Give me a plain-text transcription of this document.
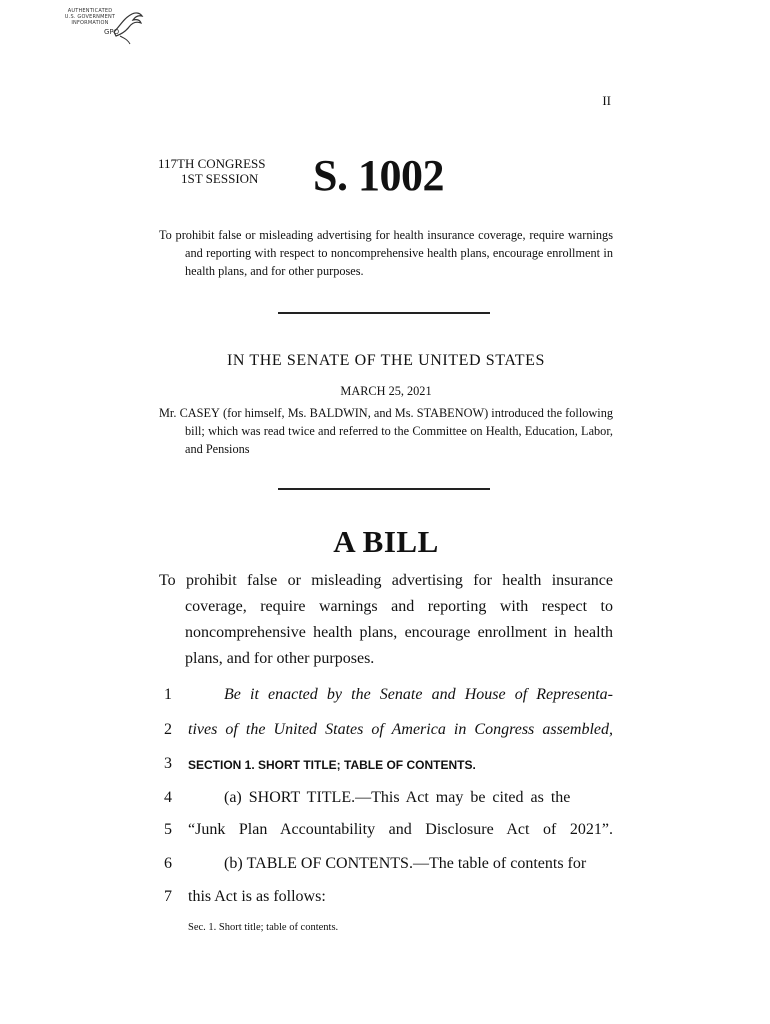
AUTHENTICATED
U.S. GOVERNMENT
INFORMATION
GPO
II
117TH CONGRESS
1ST SESSION S. 1002
To prohibit false or misleading advertising for health insurance coverage, require warnings and reporting with respect to noncomprehensive health plans, encourage enrollment in health plans, and for other purposes.
IN THE SENATE OF THE UNITED STATES
MARCH 25, 2021
Mr. CASEY (for himself, Ms. BALDWIN, and Ms. STABENOW) introduced the following bill; which was read twice and referred to the Committee on Health, Education, Labor, and Pensions
A BILL
To prohibit false or misleading advertising for health insurance coverage, require warnings and reporting with respect to noncomprehensive health plans, encourage enrollment in health plans, and for other purposes.
1	Be it enacted by the Senate and House of Representa-
2	tives of the United States of America in Congress assembled,
3	SECTION 1. SHORT TITLE; TABLE OF CONTENTS.
4	(a) SHORT TITLE.—This Act may be cited as the
5	“Junk Plan Accountability and Disclosure Act of 2021”.
6	(b) TABLE OF CONTENTS.—The table of contents for
7	this Act is as follows:
Sec. 1. Short title; table of contents.
